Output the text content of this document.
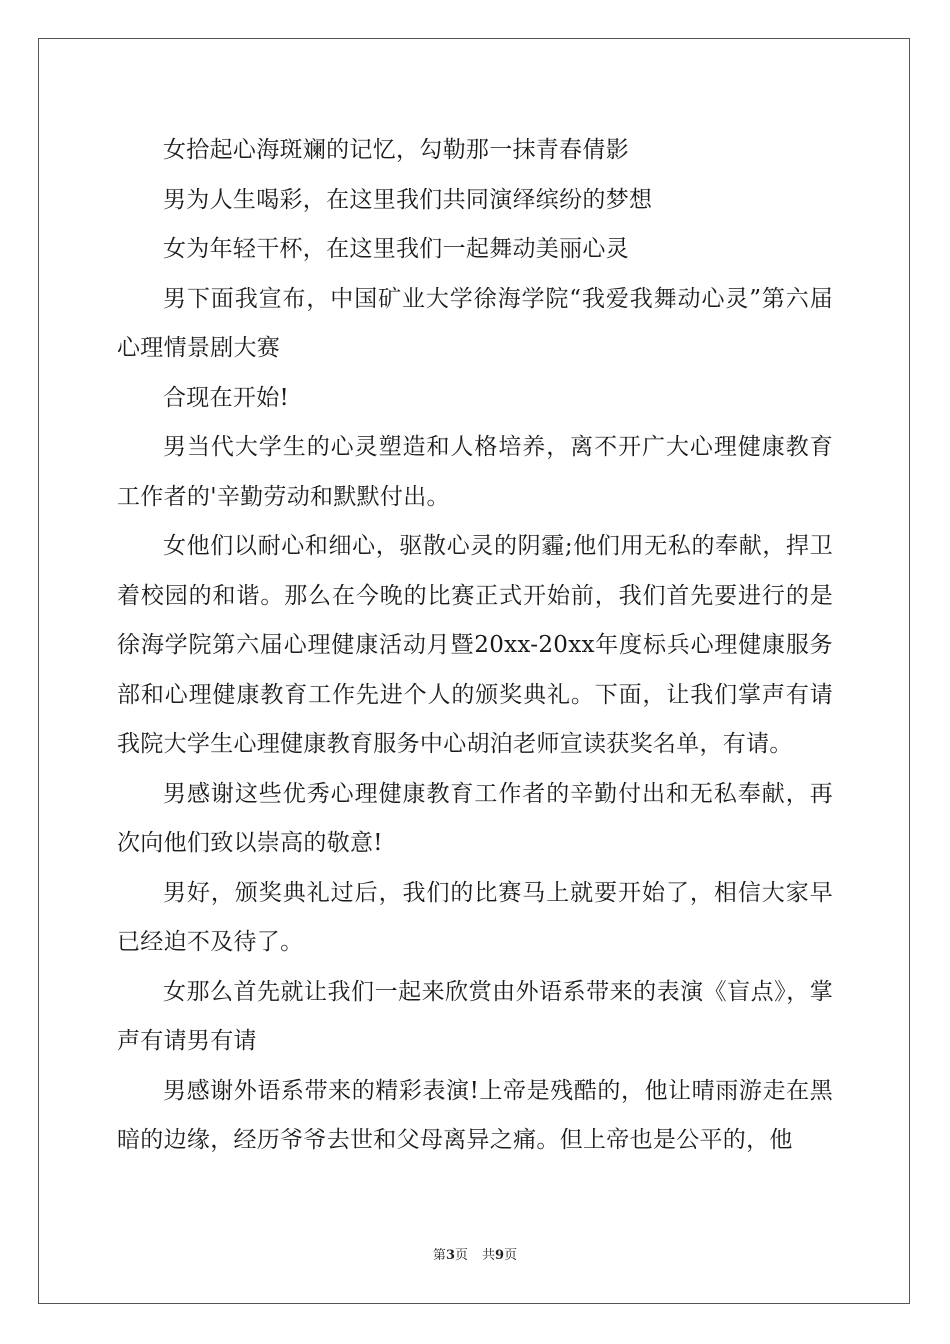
女拾起心海斑斓的记忆，勾勒那一抹青春倩影

男为人生喝彩，在这里我们共同演绎缤纷的梦想

女为年轻干杯，在这里我们一起舞动美丽心灵

男下面我宣布，中国矿业大学徐海学院“我爱我舞动心灵”第六届心理情景剧大赛

合现在开始!

男当代大学生的心灵塑造和人格培养，离不开广大心理健康教育工作者的'辛勤劳动和默默付出。

女他们以耐心和细心，驱散心灵的阴霾;他们用无私的奉献，捍卫着校园的和谐。那么在今晚的比赛正式开始前，我们首先要进行的是徐海学院第六届心理健康活动月暨20xx-20xx年度标兵心理健康服务部和心理健康教育工作先进个人的颁奖典礼。下面，让我们掌声有请我院大学生心理健康教育服务中心胡泊老师宣读获奖名单，有请。

男感谢这些优秀心理健康教育工作者的辛勤付出和无私奉献，再次向他们致以崇高的敬意!

男好，颁奖典礼过后，我们的比赛马上就要开始了，相信大家早已经迫不及待了。

女那么首先就让我们一起来欣赏由外语系带来的表演《盲点》，掌声有请男有请

男感谢外语系带来的精彩表演!上帝是残酷的，他让晴雨游走在黑暗的边缘，经历爷爷去世和父母离异之痛。但上帝也是公平的，他

第3页 共9页
